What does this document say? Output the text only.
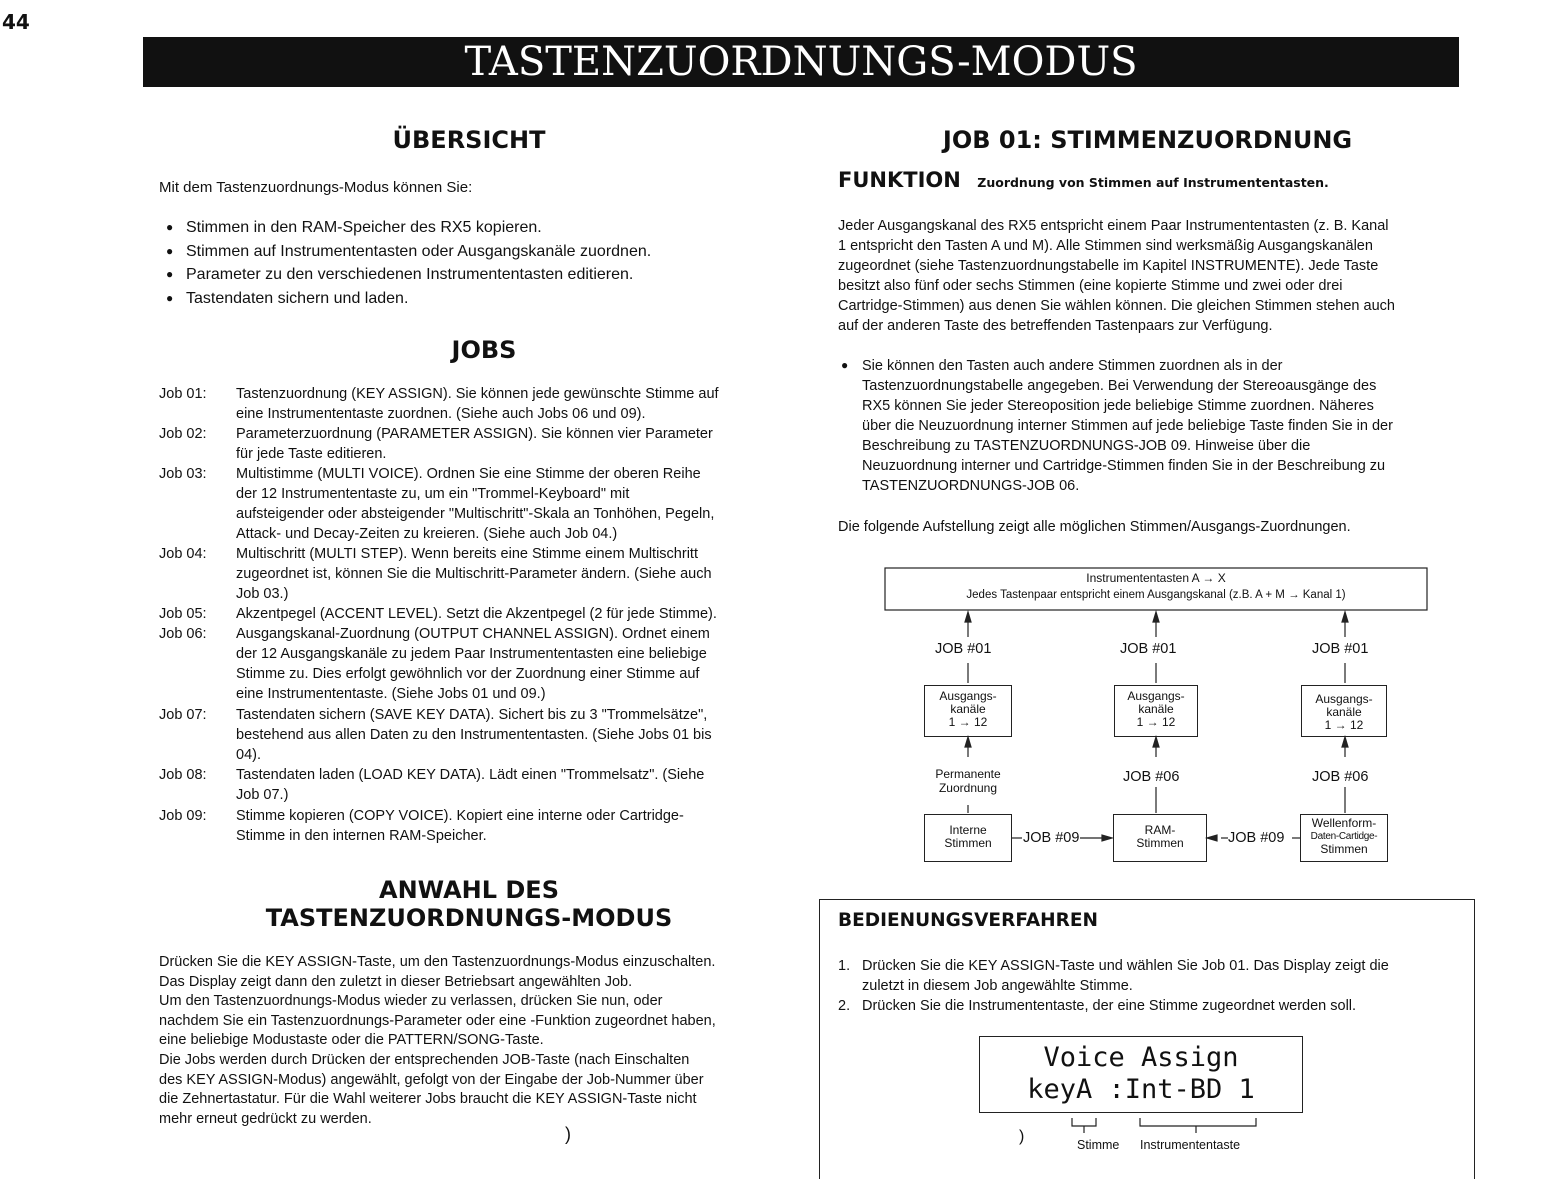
44
TASTENZUORDNUNGS-MODUS
ÜBERSICHT
Mit dem Tastenzuordnungs-Modus können Sie:
● Stimmen in den RAM-Speicher des RX5 kopieren.
● Stimmen auf Instrumententasten oder Ausgangskanäle zuordnen.
● Parameter zu den verschiedenen Instrumententasten editieren.
● Tastendaten sichern und laden.
JOBS
Job 01: Tastenzuordnung (KEY ASSIGN). Sie können jede gewünschte Stimme auf
eine Instrumententaste zuordnen. (Siehe auch Jobs 06 und 09).
Job 02: Parameterzuordnung (PARAMETER ASSIGN). Sie können vier Parameter
für jede Taste editieren.
Job 03: Multistimme (MULTI VOICE). Ordnen Sie eine Stimme der oberen Reihe
der 12 Instrumententaste zu, um ein "Trommel-Keyboard" mit
aufsteigender oder absteigender "Multischritt"-Skala an Tonhöhen, Pegeln,
Attack- und Decay-Zeiten zu kreieren. (Siehe auch Job 04.)
Job 04: Multischritt (MULTI STEP). Wenn bereits eine Stimme einem Multischritt
zugeordnet ist, können Sie die Multischritt-Parameter ändern. (Siehe auch
Job 03.)
Job 05: Akzentpegel (ACCENT LEVEL). Setzt die Akzentpegel (2 für jede Stimme).
Job 06: Ausgangskanal-Zuordnung (OUTPUT CHANNEL ASSIGN). Ordnet einem
der 12 Ausgangskanäle zu jedem Paar Instrumententasten eine beliebige
Stimme zu. Dies erfolgt gewöhnlich vor der Zuordnung einer Stimme auf
eine Instrumententaste. (Siehe Jobs 01 und 09.)
Job 07: Tastendaten sichern (SAVE KEY DATA). Sichert bis zu 3 "Trommelsätze",
bestehend aus allen Daten zu den Instrumententasten. (Siehe Jobs 01 bis
04).
Job 08: Tastendaten laden (LOAD KEY DATA). Lädt einen "Trommelsatz". (Siehe
Job 07.)
Job 09: Stimme kopieren (COPY VOICE). Kopiert eine interne oder Cartridge-
Stimme in den internen RAM-Speicher.
ANWAHL DES
TASTENZUORDNUNGS-MODUS
Drücken Sie die KEY ASSIGN-Taste, um den Tastenzuordnungs-Modus einzuschalten.
Das Display zeigt dann den zuletzt in dieser Betriebsart angewählten Job.
Um den Tastenzuordnungs-Modus wieder zu verlassen, drücken Sie nun, oder
nachdem Sie ein Tastenzuordnungs-Parameter oder eine -Funktion zugeordnet haben,
eine beliebige Modustaste oder die PATTERN/SONG-Taste.
Die Jobs werden durch Drücken der entsprechenden JOB-Taste (nach Einschalten
des KEY ASSIGN-Modus) angewählt, gefolgt von der Eingabe der Job-Nummer über
die Zehnertastatur. Für die Wahl weiterer Jobs braucht die KEY ASSIGN-Taste nicht
mehr erneut gedrückt zu werden.
)
JOB 01: STIMMENZUORDNUNG
FUNKTION Zuordnung von Stimmen auf Instrumententasten.
Jeder Ausgangskanal des RX5 entspricht einem Paar Instrumententasten (z. B. Kanal
1 entspricht den Tasten A und M). Alle Stimmen sind werksmäßig Ausgangskanälen
zugeordnet (siehe Tastenzuordnungstabelle im Kapitel INSTRUMENTE). Jede Taste
besitzt also fünf oder sechs Stimmen (eine kopierte Stimme und zwei oder drei
Cartridge-Stimmen) aus denen Sie wählen können. Die gleichen Stimmen stehen auch
auf der anderen Taste des betreffenden Tastenpaars zur Verfügung.
● Sie können den Tasten auch andere Stimmen zuordnen als in der
Tastenzuordnungstabelle angegeben. Bei Verwendung der Stereoausgänge des
RX5 können Sie jeder Stereoposition jede beliebige Stimme zuordnen. Näheres
über die Neuzuordnung interner Stimmen auf jede beliebige Taste finden Sie in der
Beschreibung zu TASTENZUORDNUNGS-JOB 09. Hinweise über die
Neuzuordnung interner und Cartridge-Stimmen finden Sie in der Beschreibung zu
TASTENZUORDNUNGS-JOB 06.
Die folgende Aufstellung zeigt alle möglichen Stimmen/Ausgangs-Zuordnungen.
Instrumententasten A → X
Jedes Tastenpaar entspricht einem Ausgangskanal (z.B. A + M → Kanal 1)
JOB #01	JOB #01	JOB #01
Ausgangs-
kanäle
1 → 12
Ausgangs-
kanäle
1 → 12
Ausgangs-
kanäle
1 → 12
Permanente
Zuordnung
JOB #06	JOB #06
Interne
Stimmen	JOB #09	RAM-
Stimmen	JOB #09
Wellenform-
Daten-Cartidge-
Stimmen
BEDIENUNGSVERFAHREN
1. Drücken Sie die KEY ASSIGN-Taste und wählen Sie Job 01. Das Display zeigt die
zuletzt in diesem Job angewählte Stimme.
2. Drücken Sie die Instrumententaste, der eine Stimme zugeordnet werden soll.
Voice Assign
keyA :Int-BD 1
Stimme Instrumententaste
)
